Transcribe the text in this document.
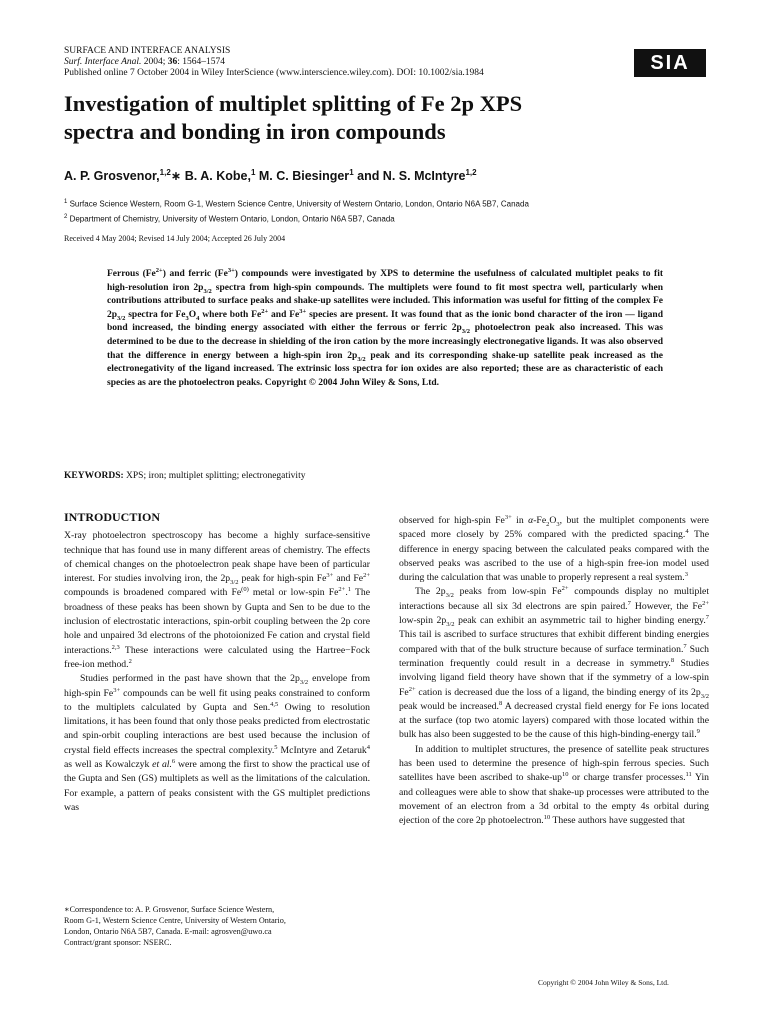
SURFACE AND INTERFACE ANALYSIS
Surf. Interface Anal. 2004; 36: 1564–1574
Published online 7 October 2004 in Wiley InterScience (www.interscience.wiley.com). DOI: 10.1002/sia.1984	SIA
Investigation of multiplet splitting of Fe 2p XPS
spectra and bonding in iron compounds
A. P. Grosvenor,$^{1,2}$∗ B. A. Kobe,$^1$ M. C. Biesinger$^1$ and N. S. McIntyre$^{1,2}$
$^1$ Surface Science Western, Room G-1, Western Science Centre, University of Western Ontario, London, Ontario N6A 5B7, Canada
$^2$ Department of Chemistry, University of Western Ontario, London, Ontario N6A 5B7, Canada
Received 4 May 2004; Revised 14 July 2004; Accepted 26 July 2004
Ferrous $(Fe^{2+})$ and ferric $(Fe^{3+})$ compounds were investigated by XPS to determine the usefulness of calculated multiplet peaks to fit high-resolution iron $2p_{3/2}$ spectra from high-spin compounds. The multiplets were found to fit most spectra well, particularly when contributions attributed to surface peaks and shake-up satellites were included. This information was useful for fitting of the complex Fe $2p_{3/2}$ spectra for $Fe_3O_4$ where both $Fe^{2+}$ and $Fe^{3+}$ species are present. It was found that as the ionic bond character of the iron — ligand bond increased, the binding energy associated with either the ferrous or ferric $2p_{3/2}$ photoelectron peak also increased. This was determined to be due to the decrease in shielding of the iron cation by the more increasingly electronegative ligands. It was also observed that the difference in energy between a high-spin iron $2p_{3/2}$ peak and its corresponding shake-up satellite peak increased as the electronegativity of the ligand increased. The extrinsic loss spectra for ion oxides are also reported; these are as characteristic of each species as are the photoelectron peaks. Copyright © 2004 John Wiley & Sons, Ltd.
KEYWORDS: XPS; iron; multiplet splitting; electronegativity
INTRODUCTION

X-ray photoelectron spectroscopy has become a highly surface-sensitive technique that has found use in many different areas of chemistry. The effects of chemical changes on the photoelectron peak shape have been of particular interest. For studies involving iron, the $2p_{3/2}$ peak for high-spin $Fe^{3+}$ and $Fe^{2+}$ compounds is broadened compared with Fe$^{(0)}$ metal or low-spin $Fe^{2+}.^1$ The broadness of these peaks has been shown by Gupta and Sen to be due to the inclusion of electrostatic interactions, spin-orbit coupling between the 2p core hole and unpaired 3d electrons of the photoionized Fe cation and crystal field interactions.$^{2,3}$ These interactions were calculated using the Hartree−Fock free-ion method.$^2$

Studies performed in the past have shown that the $2p_{3/2}$ envelope from high-spin $Fe^{3+}$ compounds can be well fit using peaks constrained to conform to the multiplets calculated by Gupta and Sen.$^{4,5}$ Owing to resolution limitations, it has been found that only those peaks predicted from electrostatic and spin-orbit coupling interactions are best used because the inclusion of crystal field effects increases the spectral complexity.$^5$ McIntyre and Zetaruk$^4$ as well as Kowalczyk et al.$^6$ were among the first to show the practical use of the Gupta and Sen (GS) multiplets as well as the limitations of the calculation. For example, a pattern of peaks consistent with the GS multiplet predictions was

observed for high-spin $Fe^{3+}$ in $\alpha-Fe_2O_3$, but the multiplet components were spaced more closely by 25% compared with the predicted spacing.$^4$ The difference in energy spacing between the calculated peaks compared with the observed peaks was ascribed to the use of a high-spin free-ion model used during the calculation that was unable to properly represent a real system.$^3$

The $2p_{3/2}$ peaks from low-spin $Fe^{2+}$ compounds display no multiplet interactions because all six 3d electrons are spin paired.$^7$ However, the $Fe^{2+}$ low-spin $2p_{3/2}$ peak can exhibit an asymmetric tail to higher binding energy.$^7$ This tail is ascribed to surface structures that exhibit different binding energies compared with that of the bulk structure because of surface termination.$^7$ Such termination frequently could result in a decrease in symmetry.$^8$ Studies involving ligand field theory have shown that if the symmetry of a low-spin $Fe^{2+}$ cation is decreased due the loss of a ligand, the binding energy of its $2p_{3/2}$ peak would be increased.$^8$ A decreased crystal field energy for Fe ions located at the surface (top two atomic layers) compared with those located within the bulk has also been suggested to be the cause of this high-binding-energy tail.$^9$

In addition to multiplet structures, the presence of satellite peak structures has been used to determine the presence of high-spin ferrous species. Such satellites have been ascribed to shake-$up^{10}$ or charge transfer processes.$^{11}$ Yin and colleagues were able to show that shake-up processes were attributed to the movement of an electron from a 3d orbital to the empty 4s orbital during ejection of the core 2p photoelectron.$^{10}$ These authors have suggested that

∗Correspondence to: A. P. Grosvenor, Surface Science Western,
Room G-1, Western Science Centre, University of Western Ontario,
London, Ontario N6A 5B7, Canada. E-mail: agrosven@uwo.ca
Contract/grant sponsor: NSERC.
Copyright © 2004 John Wiley & Sons, Ltd.
